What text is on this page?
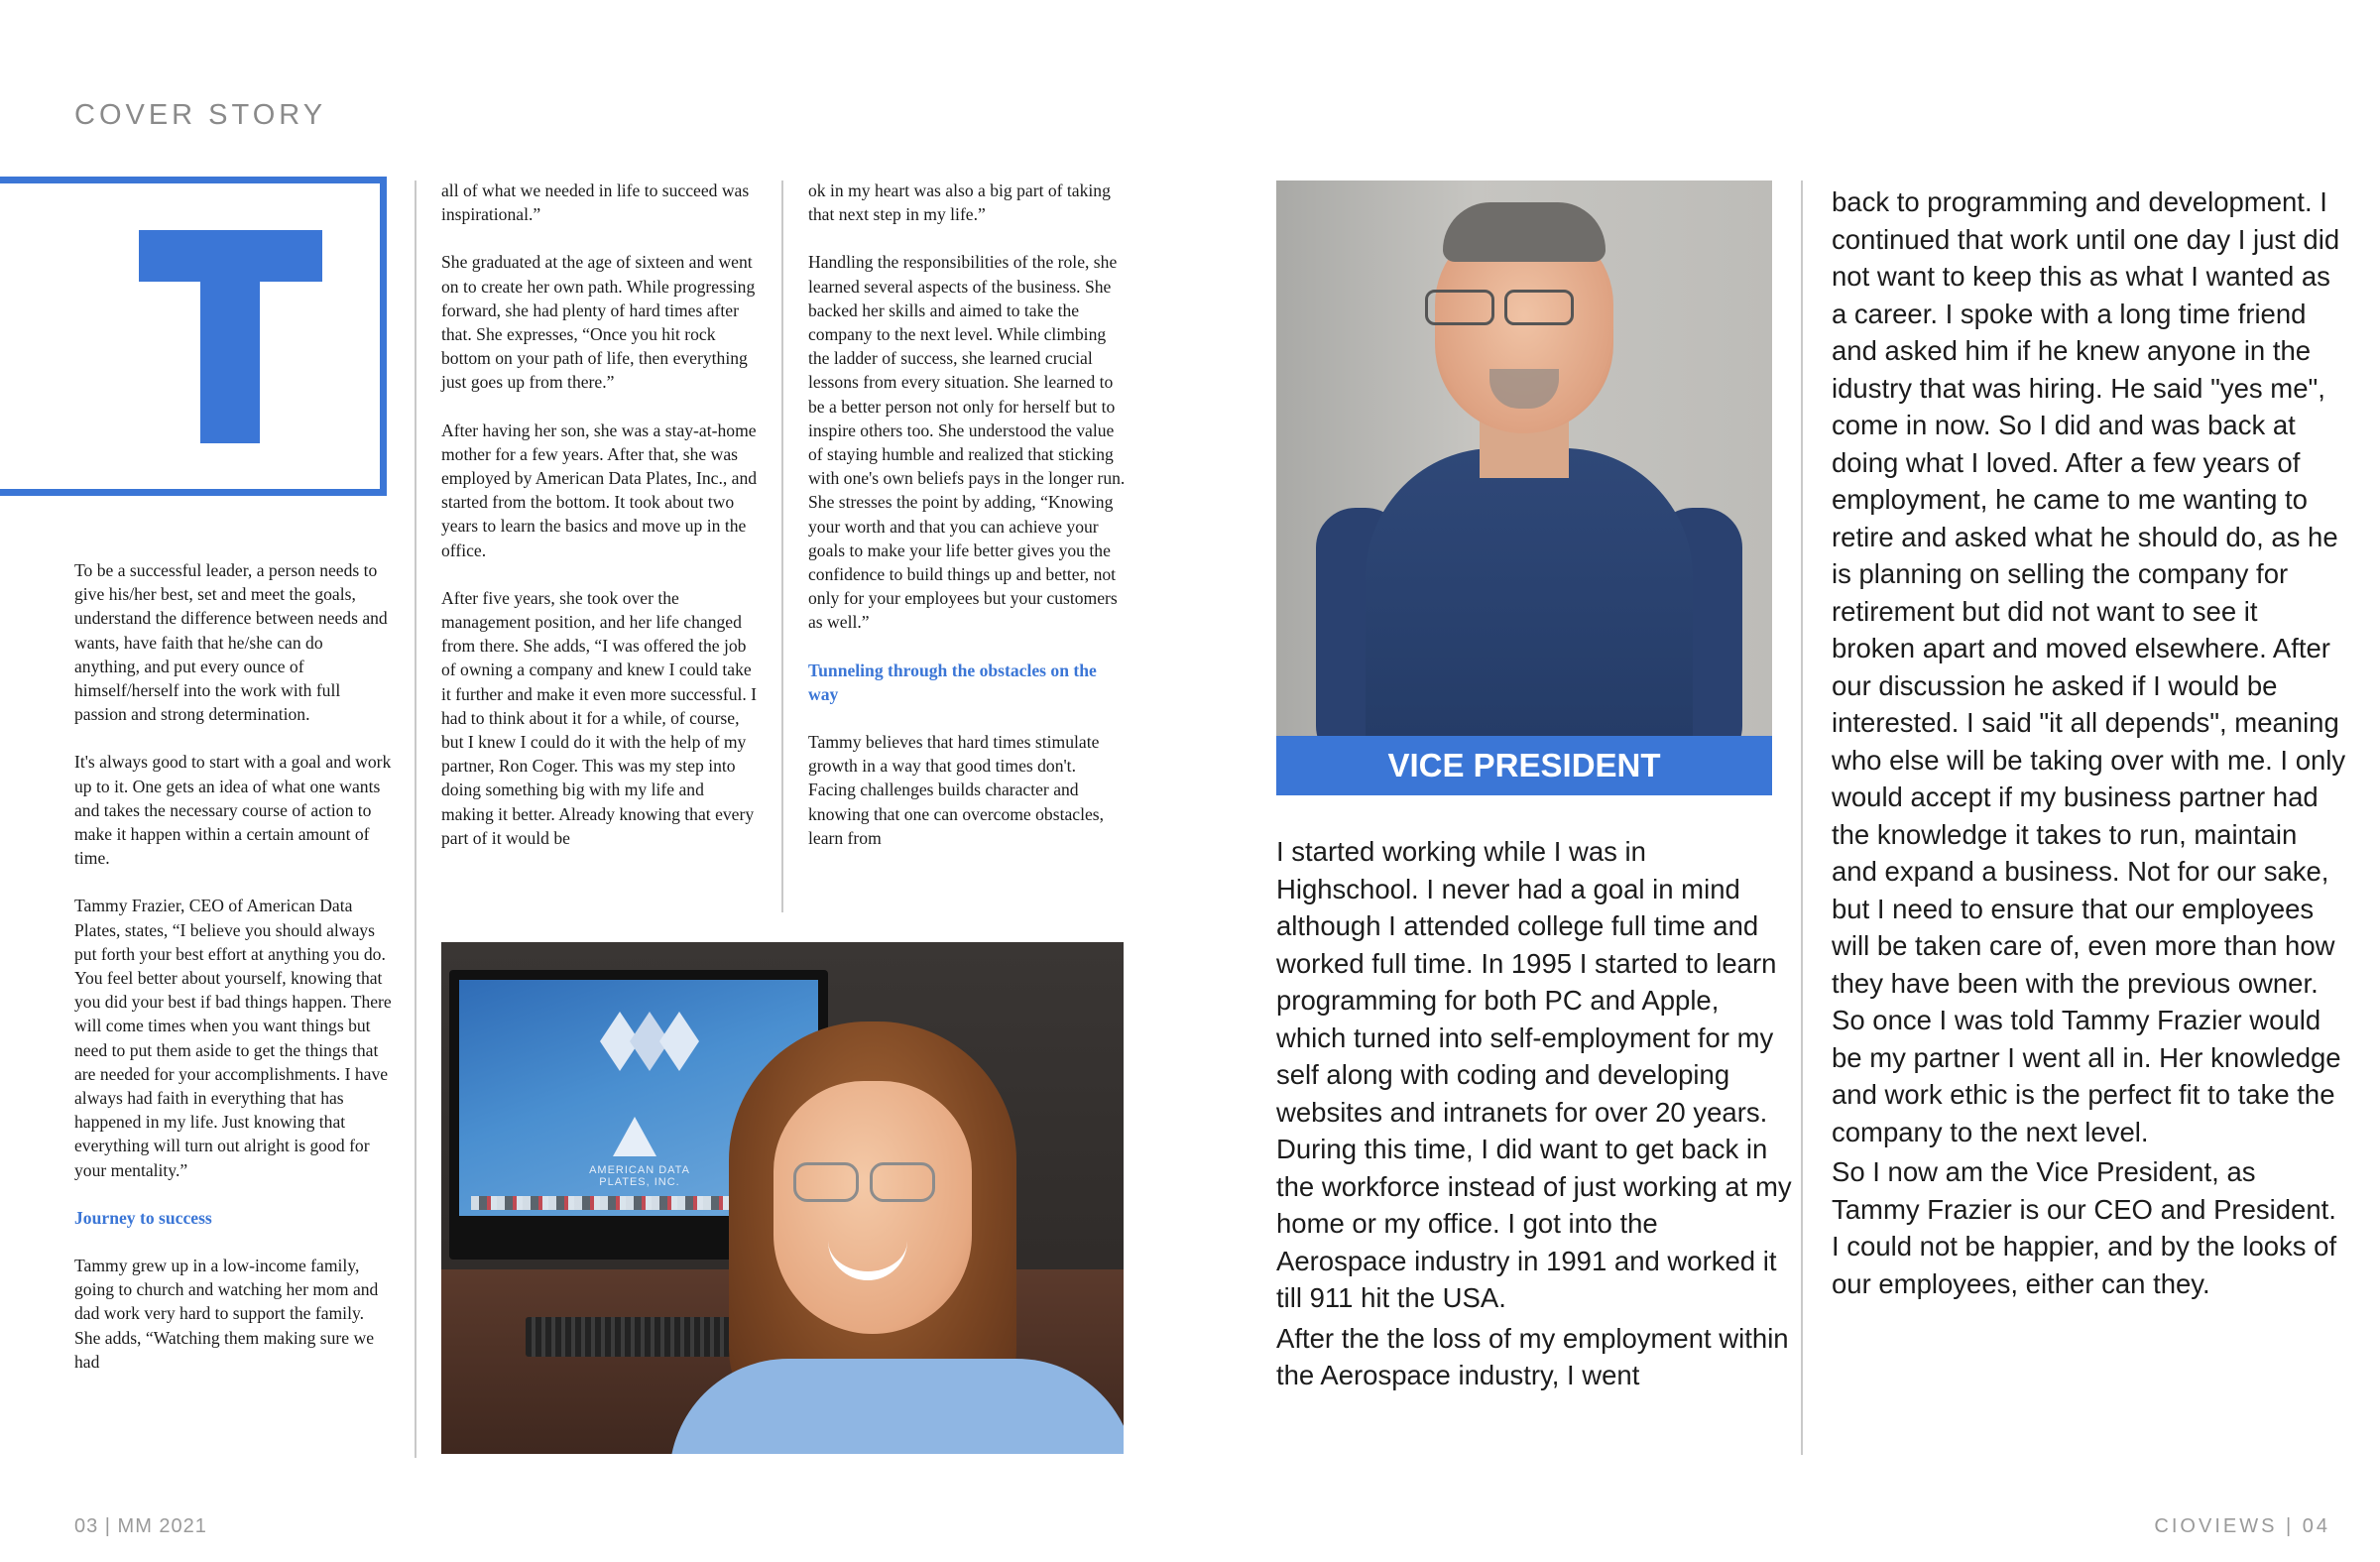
COVER STORY

To be a successful leader, a person needs to give his/her best, set and meet the goals, understand the difference between needs and wants, have faith that he/she can do anything, and put every ounce of himself/herself into the work with full passion and strong determination.

It's always good to start with a goal and work up to it. One gets an idea of what one wants and takes the necessary course of action to make it happen within a certain amount of time.

Tammy Frazier, CEO of American Data Plates, states, “I believe you should always put forth your best effort at anything you do. You feel better about yourself, knowing that you did your best if bad things happen. There will come times when you want things but need to put them aside to get the things that are needed for your accomplishments. I have always had faith in everything that has happened in my life. Just knowing that everything will turn out alright is good for your mentality.”

Journey to success

Tammy grew up in a low-income family, going to church and watching her mom and dad work very hard to support the family. She adds, “Watching them making sure we had

all of what we needed in life to succeed was inspirational.”

She graduated at the age of sixteen and went on to create her own path. While progressing forward, she had plenty of hard times after that. She expresses, “Once you hit rock bottom on your path of life, then everything just goes up from there.”

After having her son, she was a stay-at-home mother for a few years. After that, she was employed by American Data Plates, Inc., and started from the bottom. It took about two years to learn the basics and move up in the office.

After five years, she took over the management position, and her life changed from there. She adds, “I was offered the job of owning a company and knew I could take it further and make it even more successful. I had to think about it for a while, of course, but I knew I could do it with the help of my partner, Ron Coger. This was my step into doing something big with my life and making it better. Already knowing that every part of it would be

ok in my heart was also a big part of taking that next step in my life.”

Handling the responsibilities of the role, she learned several aspects of the business. She backed her skills and aimed to take the company to the next level. While climbing the ladder of success, she learned crucial lessons from every situation. She learned to be a better person not only for herself but to inspire others too. She understood the value of staying humble and realized that sticking with one's own beliefs pays in the longer run.

She stresses the point by adding, “Knowing your worth and that you can achieve your goals to make your life better gives you the confidence to build things up and better, not only for your employees but your customers as well.”

Tunneling through the obstacles on the way

Tammy believes that hard times stimulate growth in a way that good times don't. Facing challenges builds character and knowing that one can overcome obstacles, learn from

AMERICAN DATA PLATES, INC.
VICE PRESIDENT

I started working while I was in Highschool. I never had a goal in mind although I attended college full time and worked full time. In 1995 I started to learn programming for both PC and Apple, which turned into self-employment for my self along with coding and developing websites and intranets for over 20 years. During this time, I did want to get back in the workforce instead of just working at my home or my office. I got into the Aerospace industry in 1991 and worked it till 911 hit the USA.

After the the loss of my employment within the Aerospace industry, I went

back to programming and development. I continued that work until one day I just did not want to keep this as what I wanted as a career. I spoke with a long time friend and asked him if he knew anyone in the idustry that was hiring. He said "yes me", come in now. So I did and was back at doing what I loved. After a few years of employment, he came to me wanting to retire and asked what he should do, as he is planning on selling the company for retirement but did not want to see it broken apart and moved elsewhere. After our discussion he asked if I would be interested. I said "it all depends", meaning who else will be taking over with me. I only would accept if my business partner had the knowledge it takes to run, maintain and expand a business. Not for our sake, but I need to ensure that our employees will be taken care of, even more than how they have been with the previous owner. So once I was told Tammy Frazier would be my partner I went all in. Her knowledge and work ethic is the perfect fit to take the company to the next level.

So I now am the Vice President, as Tammy Frazier is our CEO and President. I could not be happier, and by the looks of our employees, either can they.

03 | MM 2021	CIOVIEWS | 04
